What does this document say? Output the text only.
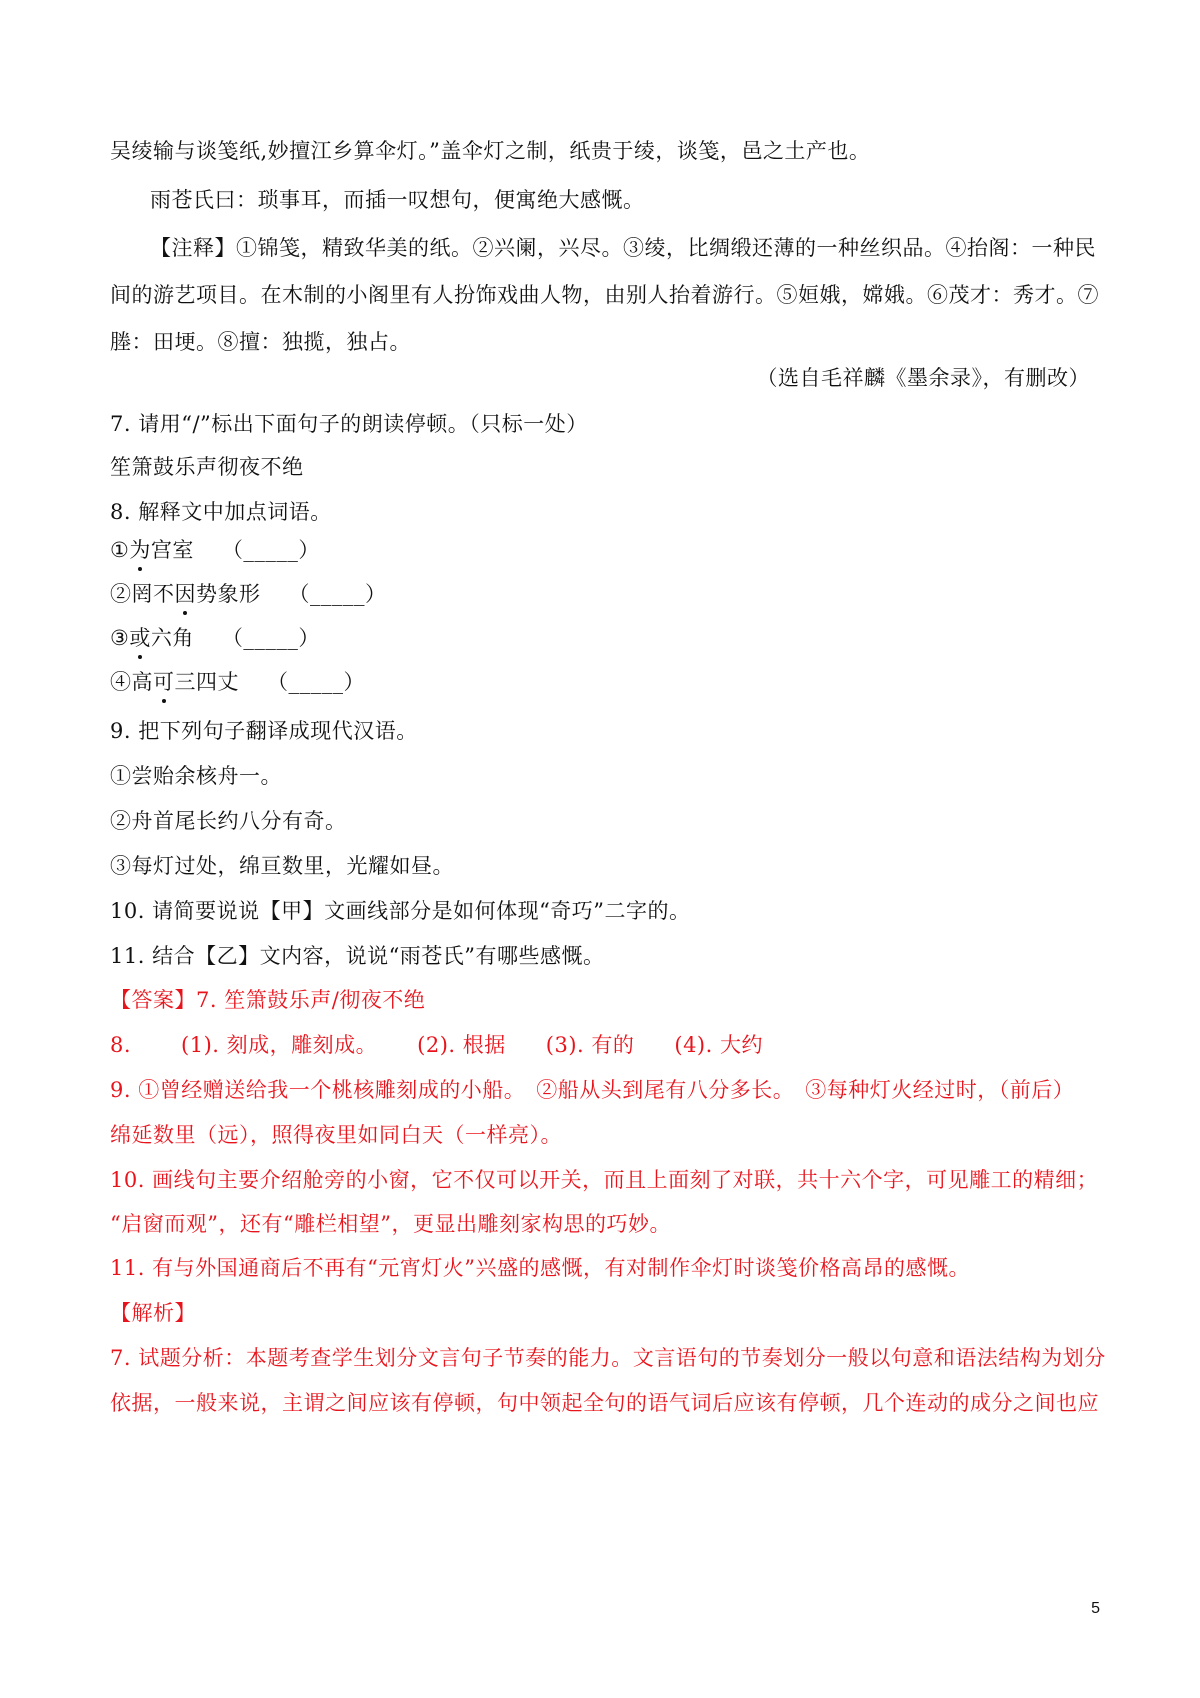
吴绫输与谈笺纸,妙擅江乡算伞灯。”盖伞灯之制，纸贵于绫，谈笺，邑之土产也。
雨苍氏曰：琐事耳，而插一叹想句，便寓绝大感慨。
【注释】①锦笺，精致华美的纸。②兴阑，兴尽。③绫，比绸缎还薄的一种丝织品。④抬阁：一种民
间的游艺项目。在木制的小阁里有人扮饰戏曲人物，由别人抬着游行。⑤姮娥，嫦娥。⑥茂才：秀才。⑦
塍：田埂。⑧擅：独揽，独占。
（选自毛祥麟《墨余录》，有删改）
7. 请用“/”标出下面句子的朗读停顿。（只标一处）
笙箫鼓乐声彻夜不绝
8. 解释文中加点词语。
①为宫室 （_____）
②罔不因势象形 （_____）
③或六角 （_____）
④高可三四丈 （_____）
9. 把下列句子翻译成现代汉语。
①尝贻余核舟一。
②舟首尾长约八分有奇。
③每灯过处，绵亘数里，光耀如昼。
10. 请简要说说【甲】文画线部分是如何体现“奇巧”二字的。
11. 结合【乙】文内容，说说“雨苍氏”有哪些感慨。
【答案】7. 笙箫鼓乐声/彻夜不绝
8. (1). 刻成，雕刻成。 (2). 根据 (3). 有的 (4). 大约
9. ①曾经赠送给我一个桃核雕刻成的小船。　②船从头到尾有八分多长。　③每种灯火经过时，（前后）
绵延数里（远），照得夜里如同白天（一样亮）。
10. 画线句主要介绍舱旁的小窗，它不仅可以开关，而且上面刻了对联，共十六个字，可见雕工的精细；
“启窗而观”，还有“雕栏相望”，更显出雕刻家构思的巧妙。
11. 有与外国通商后不再有“元宵灯火”兴盛的感慨，有对制作伞灯时谈笺价格高昂的感慨。
【解析】
7. 试题分析：本题考查学生划分文言句子节奏的能力。文言语句的节奏划分一般以句意和语法结构为划分
依据，一般来说，主谓之间应该有停顿，句中领起全句的语气词后应该有停顿，几个连动的成分之间也应
5
